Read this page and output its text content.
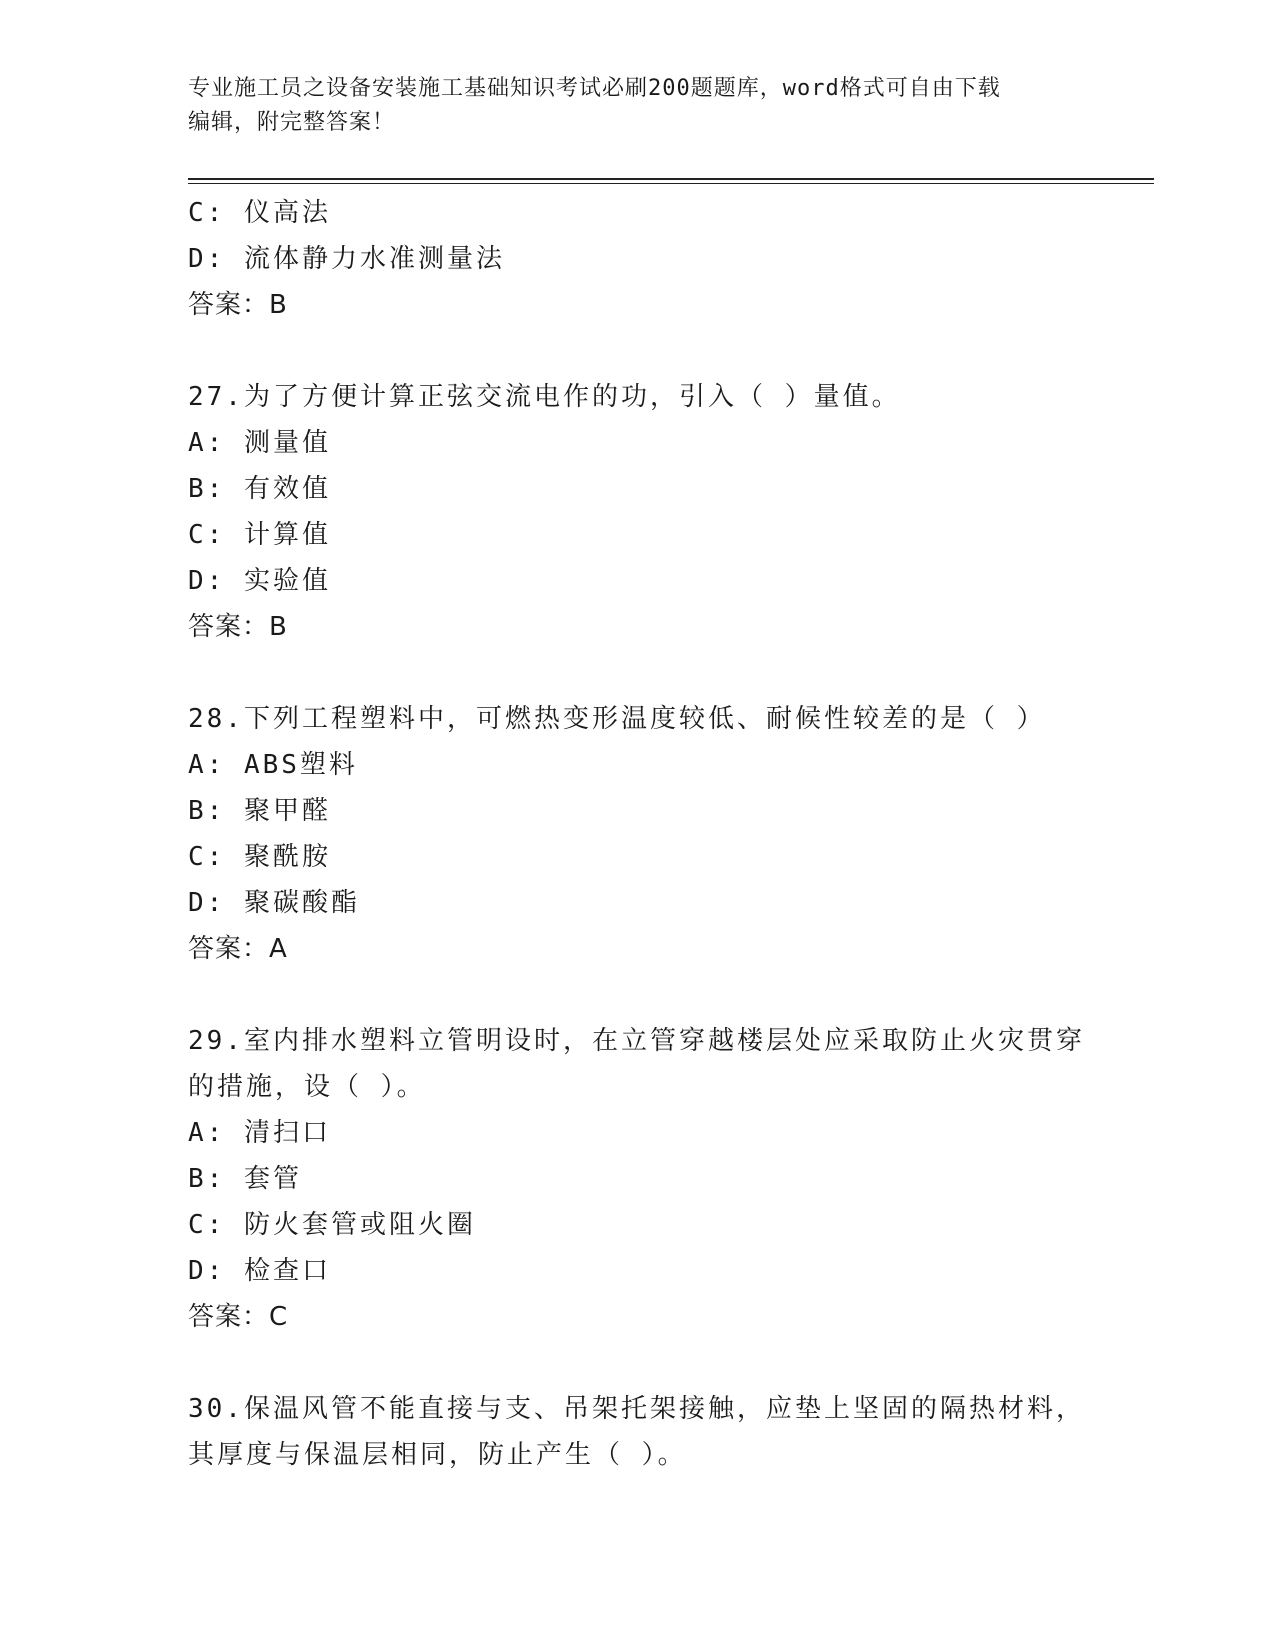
专业施工员之设备安装施工基础知识考试必刷200题题库，word格式可自由下载
编辑，附完整答案！
C: 仪高法
D: 流体静力水准测量法
答案：B
27.为了方便计算正弦交流电作的功，引入（ ）量值。
A: 测量值
B: 有效值
C: 计算值
D: 实验值
答案：B
28.下列工程塑料中，可燃热变形温度较低、耐候性较差的是（ ）
A: ABS塑料
B: 聚甲醛
C: 聚酰胺
D: 聚碳酸酯
答案：A
29.室内排水塑料立管明设时，在立管穿越楼层处应采取防止火灾贯穿
的措施，设（ ）。
A: 清扫口
B: 套管
C: 防火套管或阻火圈
D: 检查口
答案：C
30.保温风管不能直接与支、吊架托架接触，应垫上坚固的隔热材料，
其厚度与保温层相同，防止产生（ ）。
